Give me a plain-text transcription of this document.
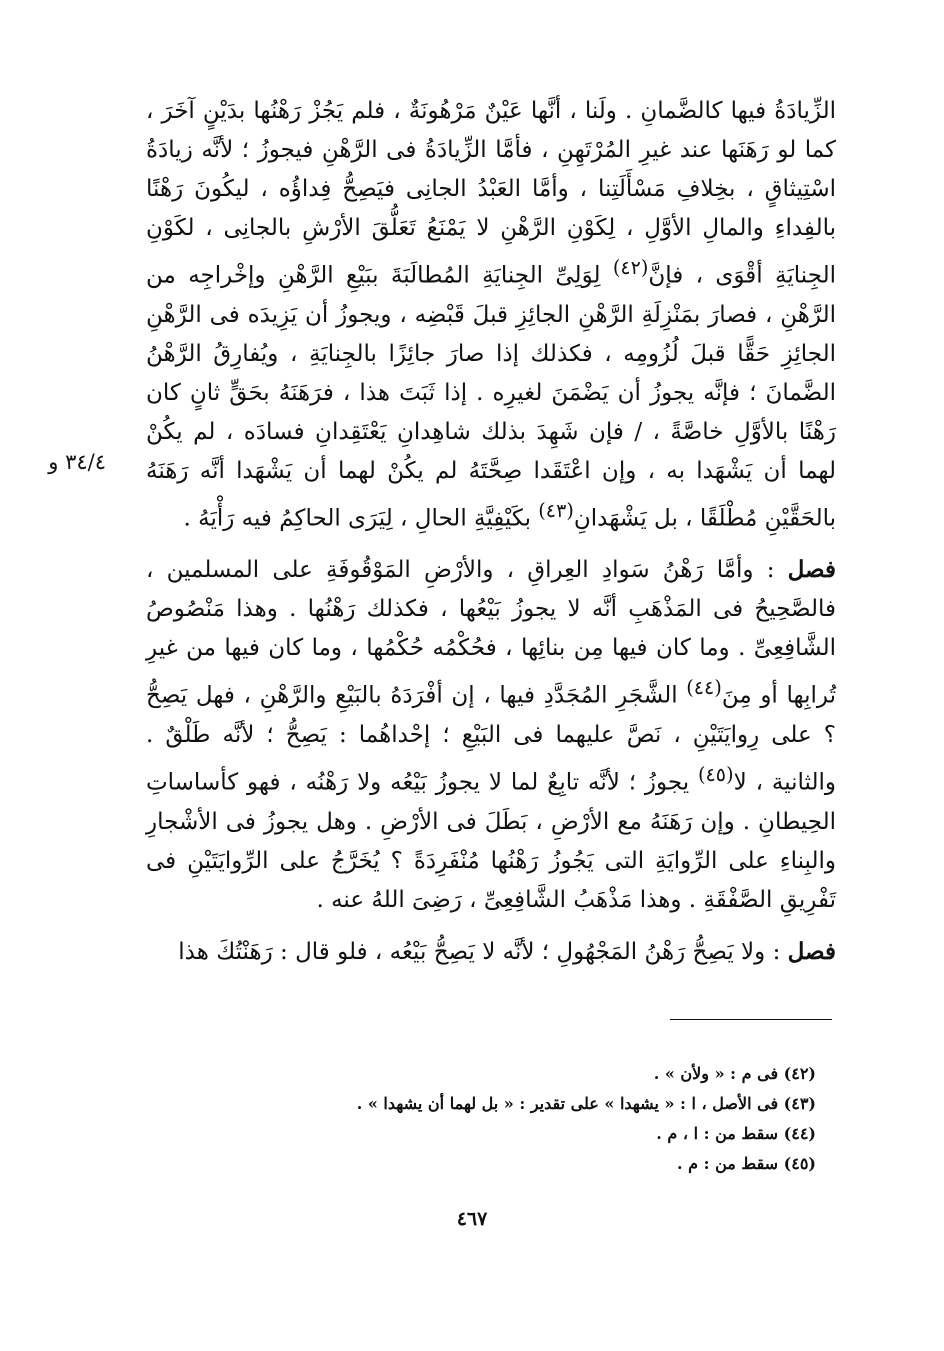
الزِّيادَةُ فيها كالضَّمانِ . ولَنا ، أنَّها عَيْنٌ مَرْهُونَةٌ ، فلم يَجُزْ رَهْنُها بدَيْنٍ آخَرَ ، كما لو رَهَنَها عند غيرِ المُرْتَهِنِ ، فأمَّا الزِّيادَةُ فى الرَّهْنِ فيجوزُ ؛ لأنَّه زيادَةُ اسْتِيثاقٍ ، بخِلافِ مَسْأَلَتِنا ، وأمَّا العَبْدُ الجانِى فيَصِحُّ فِداؤُه ، ليكُونَ رَهْنًا بالفِداءِ والمالِ الأوَّلِ ، لِكَوْنِ الرَّهْنِ لا يَمْنَعُ تَعَلُّقَ الأرْشِ بالجانِى ، لكَوْنِ الجِنايَةِ أقْوَى ، فإنَّ$^{(٤٢)}$ لِوَلِىِّ الجِنايَةِ المُطالَبَةَ ببَيْعِ الرَّهْنِ وإخْراجِه من الرَّهْنِ ، فصارَ بمَنْزِلَةِ الرَّهْنِ الجائِزِ قبلَ قَبْضِه ، ويجوزُ أن يَزِيدَه فى الرَّهْنِ الجائِزِ حَقًّا قبلَ لُزُومِه ، فكذلك إذا صارَ جائِزًا بالجِنايَةِ ، ويُفارِقُ الرَّهْنُ الضَّمانَ ؛ فإنَّه يجوزُ أن يَضْمَنَ لغيرِه . إذا ثَبَتَ هذا ، فرَهَنَهُ بحَقٍّ ثانٍ كان رَهْنًا بالأوَّلِ خاصَّةً ، / فإن شَهِدَ بذلك شاهِدانِ يَعْتَقِدانِ فسادَه ، لم يكُنْ لهما أن يَشْهَدا به ، وإن اعْتَقَدا صِحَّتَهُ لم يكُنْ لهما أن يَشْهَدا أنَّه رَهَنَهُ بالحَقَّيْنِ مُطْلَقًا ، بل يَشْهَدانِ$^{(٤٣)}$ بكَيْفِيَّةِ الحالِ ، لِيَرَى الحاكِمُ فيه رَأْيَهُ .

فصل : وأمَّا رَهْنُ سَوادِ العِراقِ ، والأرْضِ المَوْقُوفَةِ على المسلمين ، فالصَّحِيحُ فى المَذْهَبِ أنَّه لا يجوزُ بَيْعُها ، فكذلك رَهْنُها . وهذا مَنْصُوصُ الشَّافِعِىِّ . وما كان فيها مِن بنائِها ، فحُكْمُه حُكْمُها ، وما كان فيها من غيرِ تُرابِها أو مِنَ$^{(٤٤)}$ الشَّجَرِ المُجَدَّدِ فيها ، إن أفْرَدَهُ بالبَيْعِ والرَّهْنِ ، فهل يَصِحُّ ؟ على رِوايَتَيْنِ ، نَصَّ عليهما فى البَيْعِ ؛ إحْداهُما : يَصِحُّ ؛ لأنَّه طَلْقٌ . والثانية ، لا$^{(٤٥)}$ يجوزُ ؛ لأنَّه تابِعٌ لما لا يجوزُ بَيْعُه ولا رَهْنُه ، فهو كأساساتِ الحِيطانِ . وإن رَهَنَهُ مع الأرْضِ ، بَطَلَ فى الأرْضِ . وهل يجوزُ فى الأشْجارِ والبِناءِ على الرِّوايَةِ التى يَجُوزُ رَهْنُها مُنْفَرِدَةً ؟ يُخَرَّجُ على الرِّوايَتَيْنِ فى تَفْرِيقِ الصَّفْقَةِ . وهذا مَذْهَبُ الشَّافِعِىِّ ، رَضِىَ اللهُ عنه .

فصل : ولا يَصِحُّ رَهْنُ المَجْهُولِ ؛ لأنَّه لا يَصِحُّ بَيْعُه ، فلو قال : رَهَنْتُكَ هذا

٣٤/٤ و
(٤٢) فى م : « ولأن » .
(٤٣) فى الأصل ، ا : « يشهدا » على تقدير : « بل لهما أن يشهدا » .
(٤٤) سقط من : ا ، م .
(٤٥) سقط من : م .
٤٦٧
